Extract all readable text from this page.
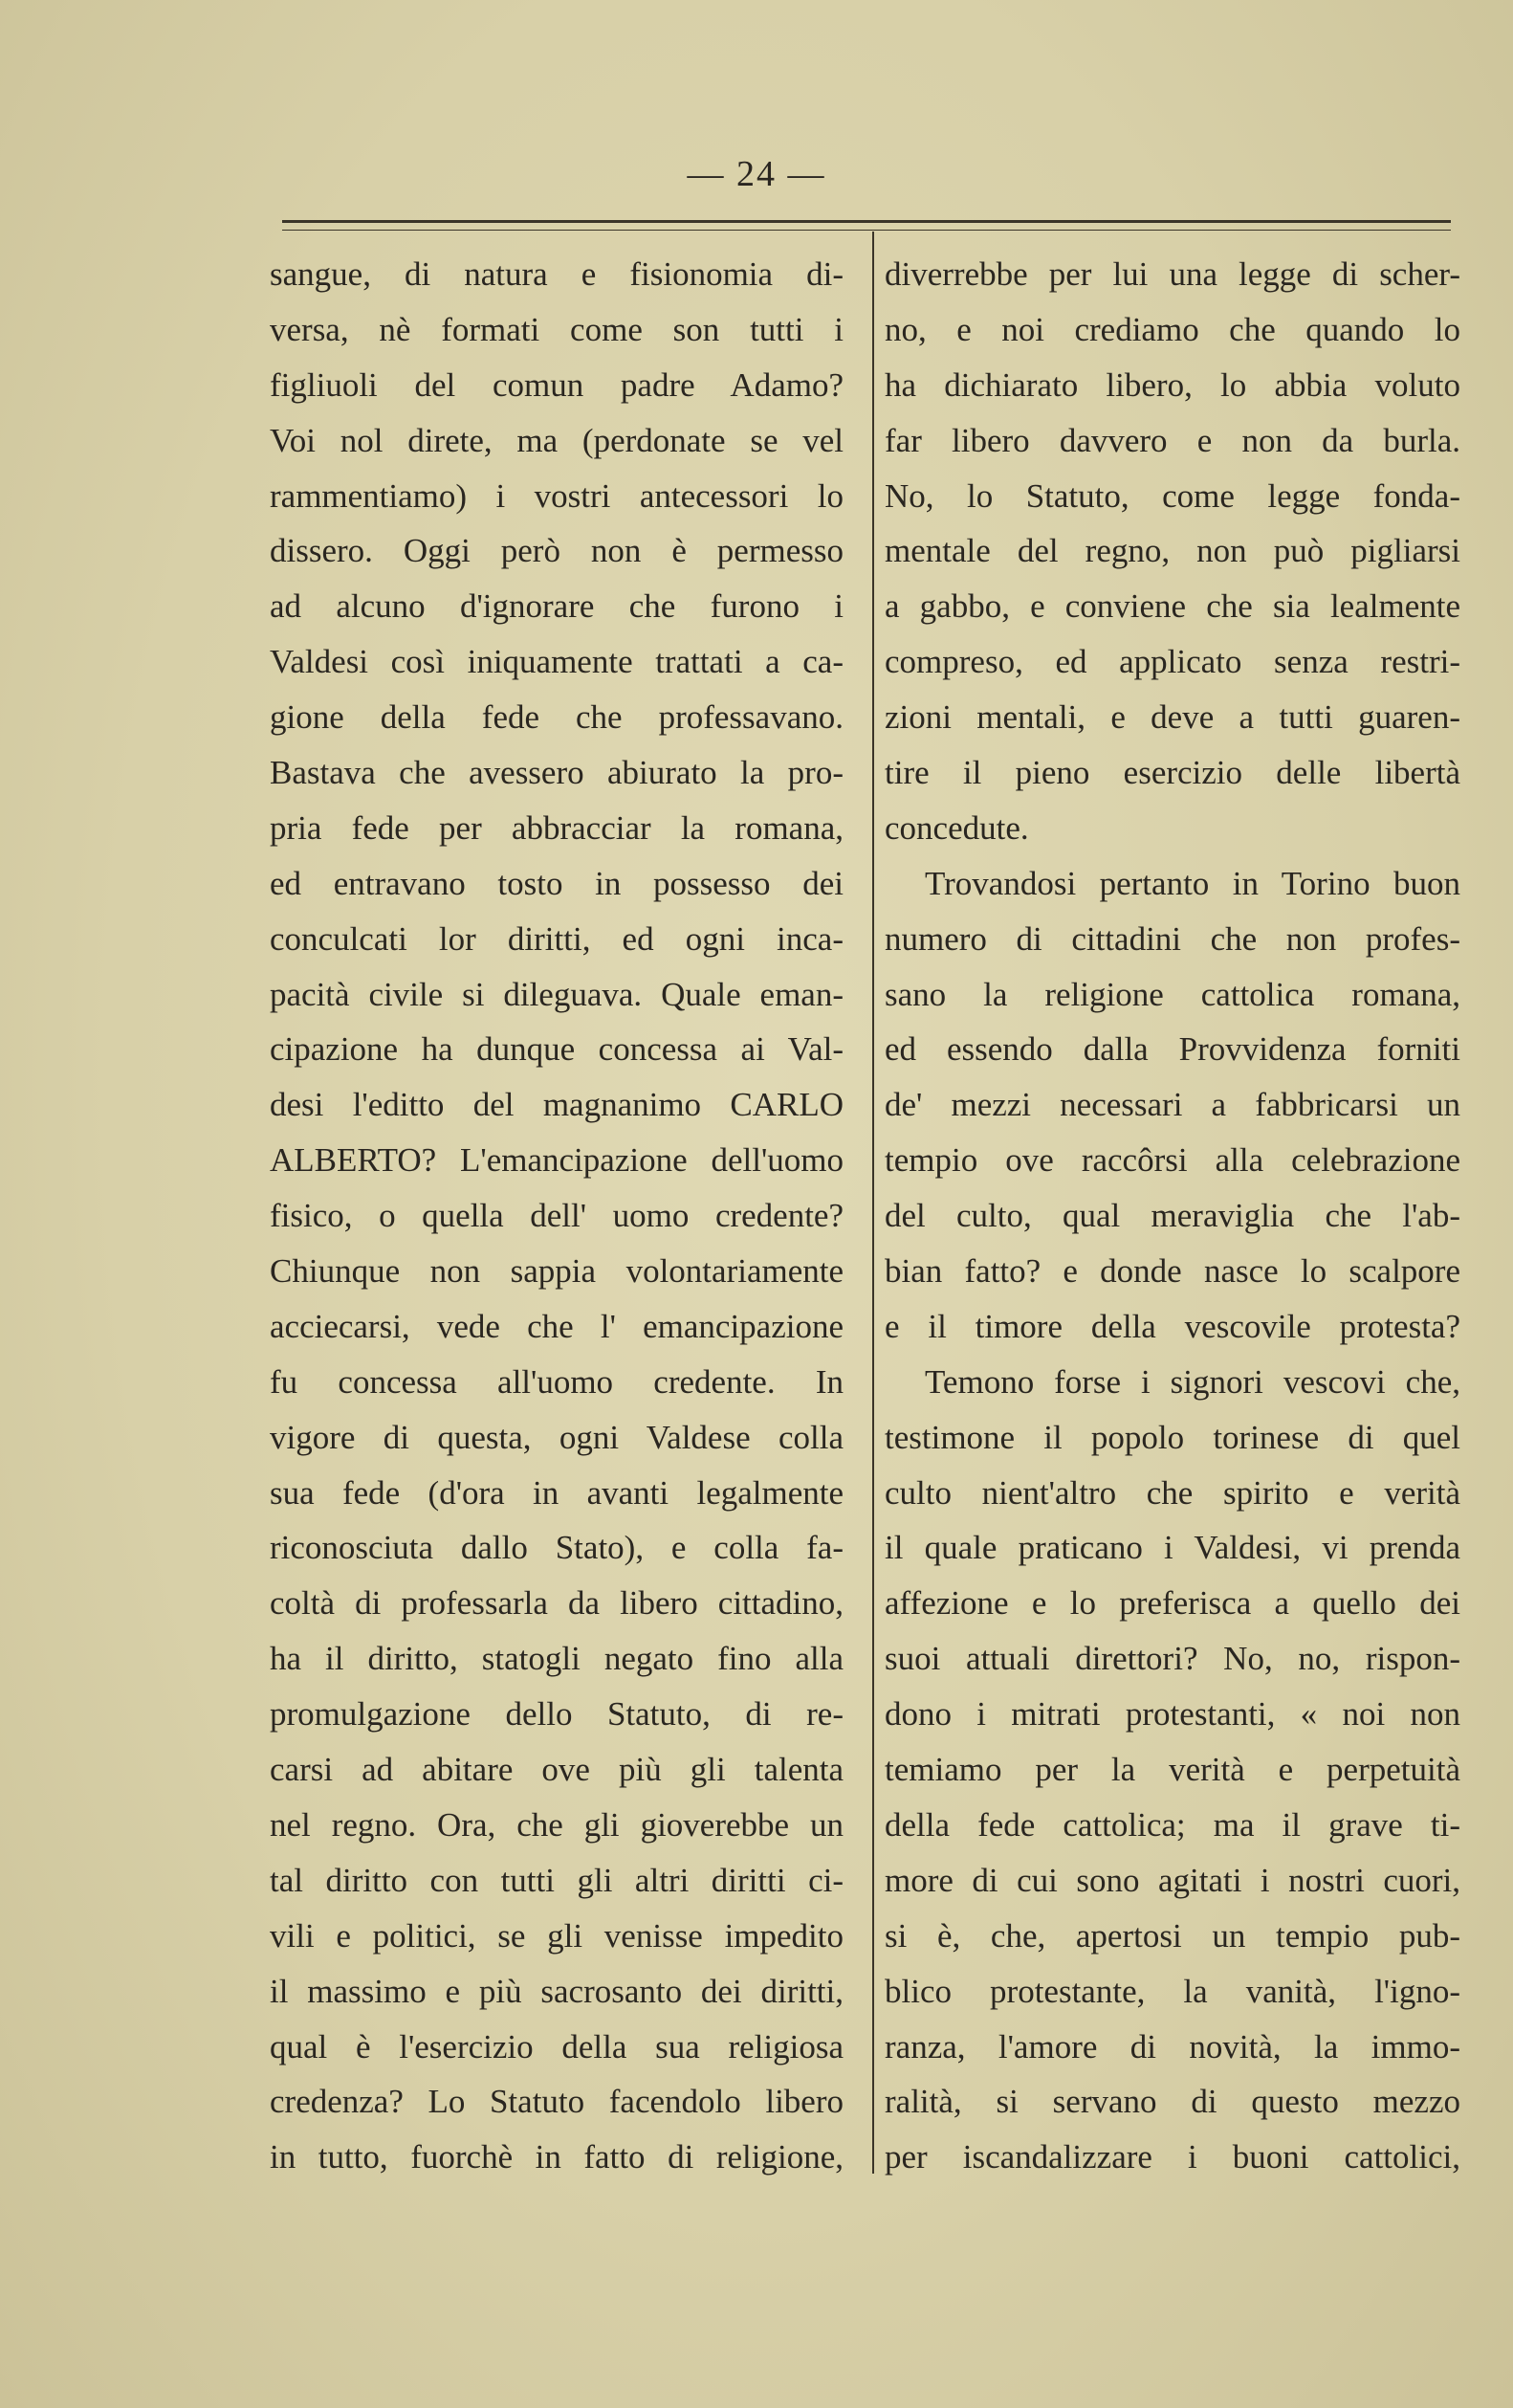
— 24 —
sangue, di natura e fisionomia di-
versa, nè formati come son tutti i
figliuoli del comun padre Adamo?
Voi nol direte, ma (perdonate se vel
rammentiamo) i vostri antecessori lo
dissero. Oggi però non è permesso
ad alcuno d'ignorare che furono i
Valdesi così iniquamente trattati a ca-
gione della fede che professavano.
Bastava che avessero abiurato la pro-
pria fede per abbracciar la romana,
ed entravano tosto in possesso dei
conculcati lor diritti, ed ogni inca-
pacità civile si dileguava. Quale eman-
cipazione ha dunque concessa ai Val-
desi l'editto del magnanimo CARLO
ALBERTO? L'emancipazione dell'uomo
fisico, o quella dell' uomo credente?
Chiunque non sappia volontariamente
acciecarsi, vede che l' emancipazione
fu concessa all'uomo credente. In
vigore di questa, ogni Valdese colla
sua fede (d'ora in avanti legalmente
riconosciuta dallo Stato), e colla fa-
coltà di professarla da libero cittadino,
ha il diritto, statogli negato fino alla
promulgazione dello Statuto, di re-
carsi ad abitare ove più gli talenta
nel regno. Ora, che gli gioverebbe un
tal diritto con tutti gli altri diritti ci-
vili e politici, se gli venisse impedito
il massimo e più sacrosanto dei diritti,
qual è l'esercizio della sua religiosa
credenza? Lo Statuto facendolo libero
in tutto, fuorchè in fatto di religione,
diverrebbe per lui una legge di scher-
no, e noi crediamo che quando lo
ha dichiarato libero, lo abbia voluto
far libero davvero e non da burla.
No, lo Statuto, come legge fonda-
mentale del regno, non può pigliarsi
a gabbo, e conviene che sia lealmente
compreso, ed applicato senza restri-
zioni mentali, e deve a tutti guaren-
tire il pieno esercizio delle libertà
concedute.
Trovandosi pertanto in Torino buon
numero di cittadini che non profes-
sano la religione cattolica romana,
ed essendo dalla Provvidenza forniti
de' mezzi necessari a fabbricarsi un
tempio ove raccôrsi alla celebrazione
del culto, qual meraviglia che l'ab-
bian fatto? e donde nasce lo scalpore
e il timore della vescovile protesta?
Temono forse i signori vescovi che,
testimone il popolo torinese di quel
culto nient'altro che spirito e verità
il quale praticano i Valdesi, vi prenda
affezione e lo preferisca a quello dei
suoi attuali direttori? No, no, rispon-
dono i mitrati protestanti, « noi non
temiamo per la verità e perpetuità
della fede cattolica; ma il grave ti-
more di cui sono agitati i nostri cuori,
si è, che, apertosi un tempio pub-
blico protestante, la vanità, l'igno-
ranza, l'amore di novità, la immo-
ralità, si servano di questo mezzo
per iscandalizzare i buoni cattolici,
